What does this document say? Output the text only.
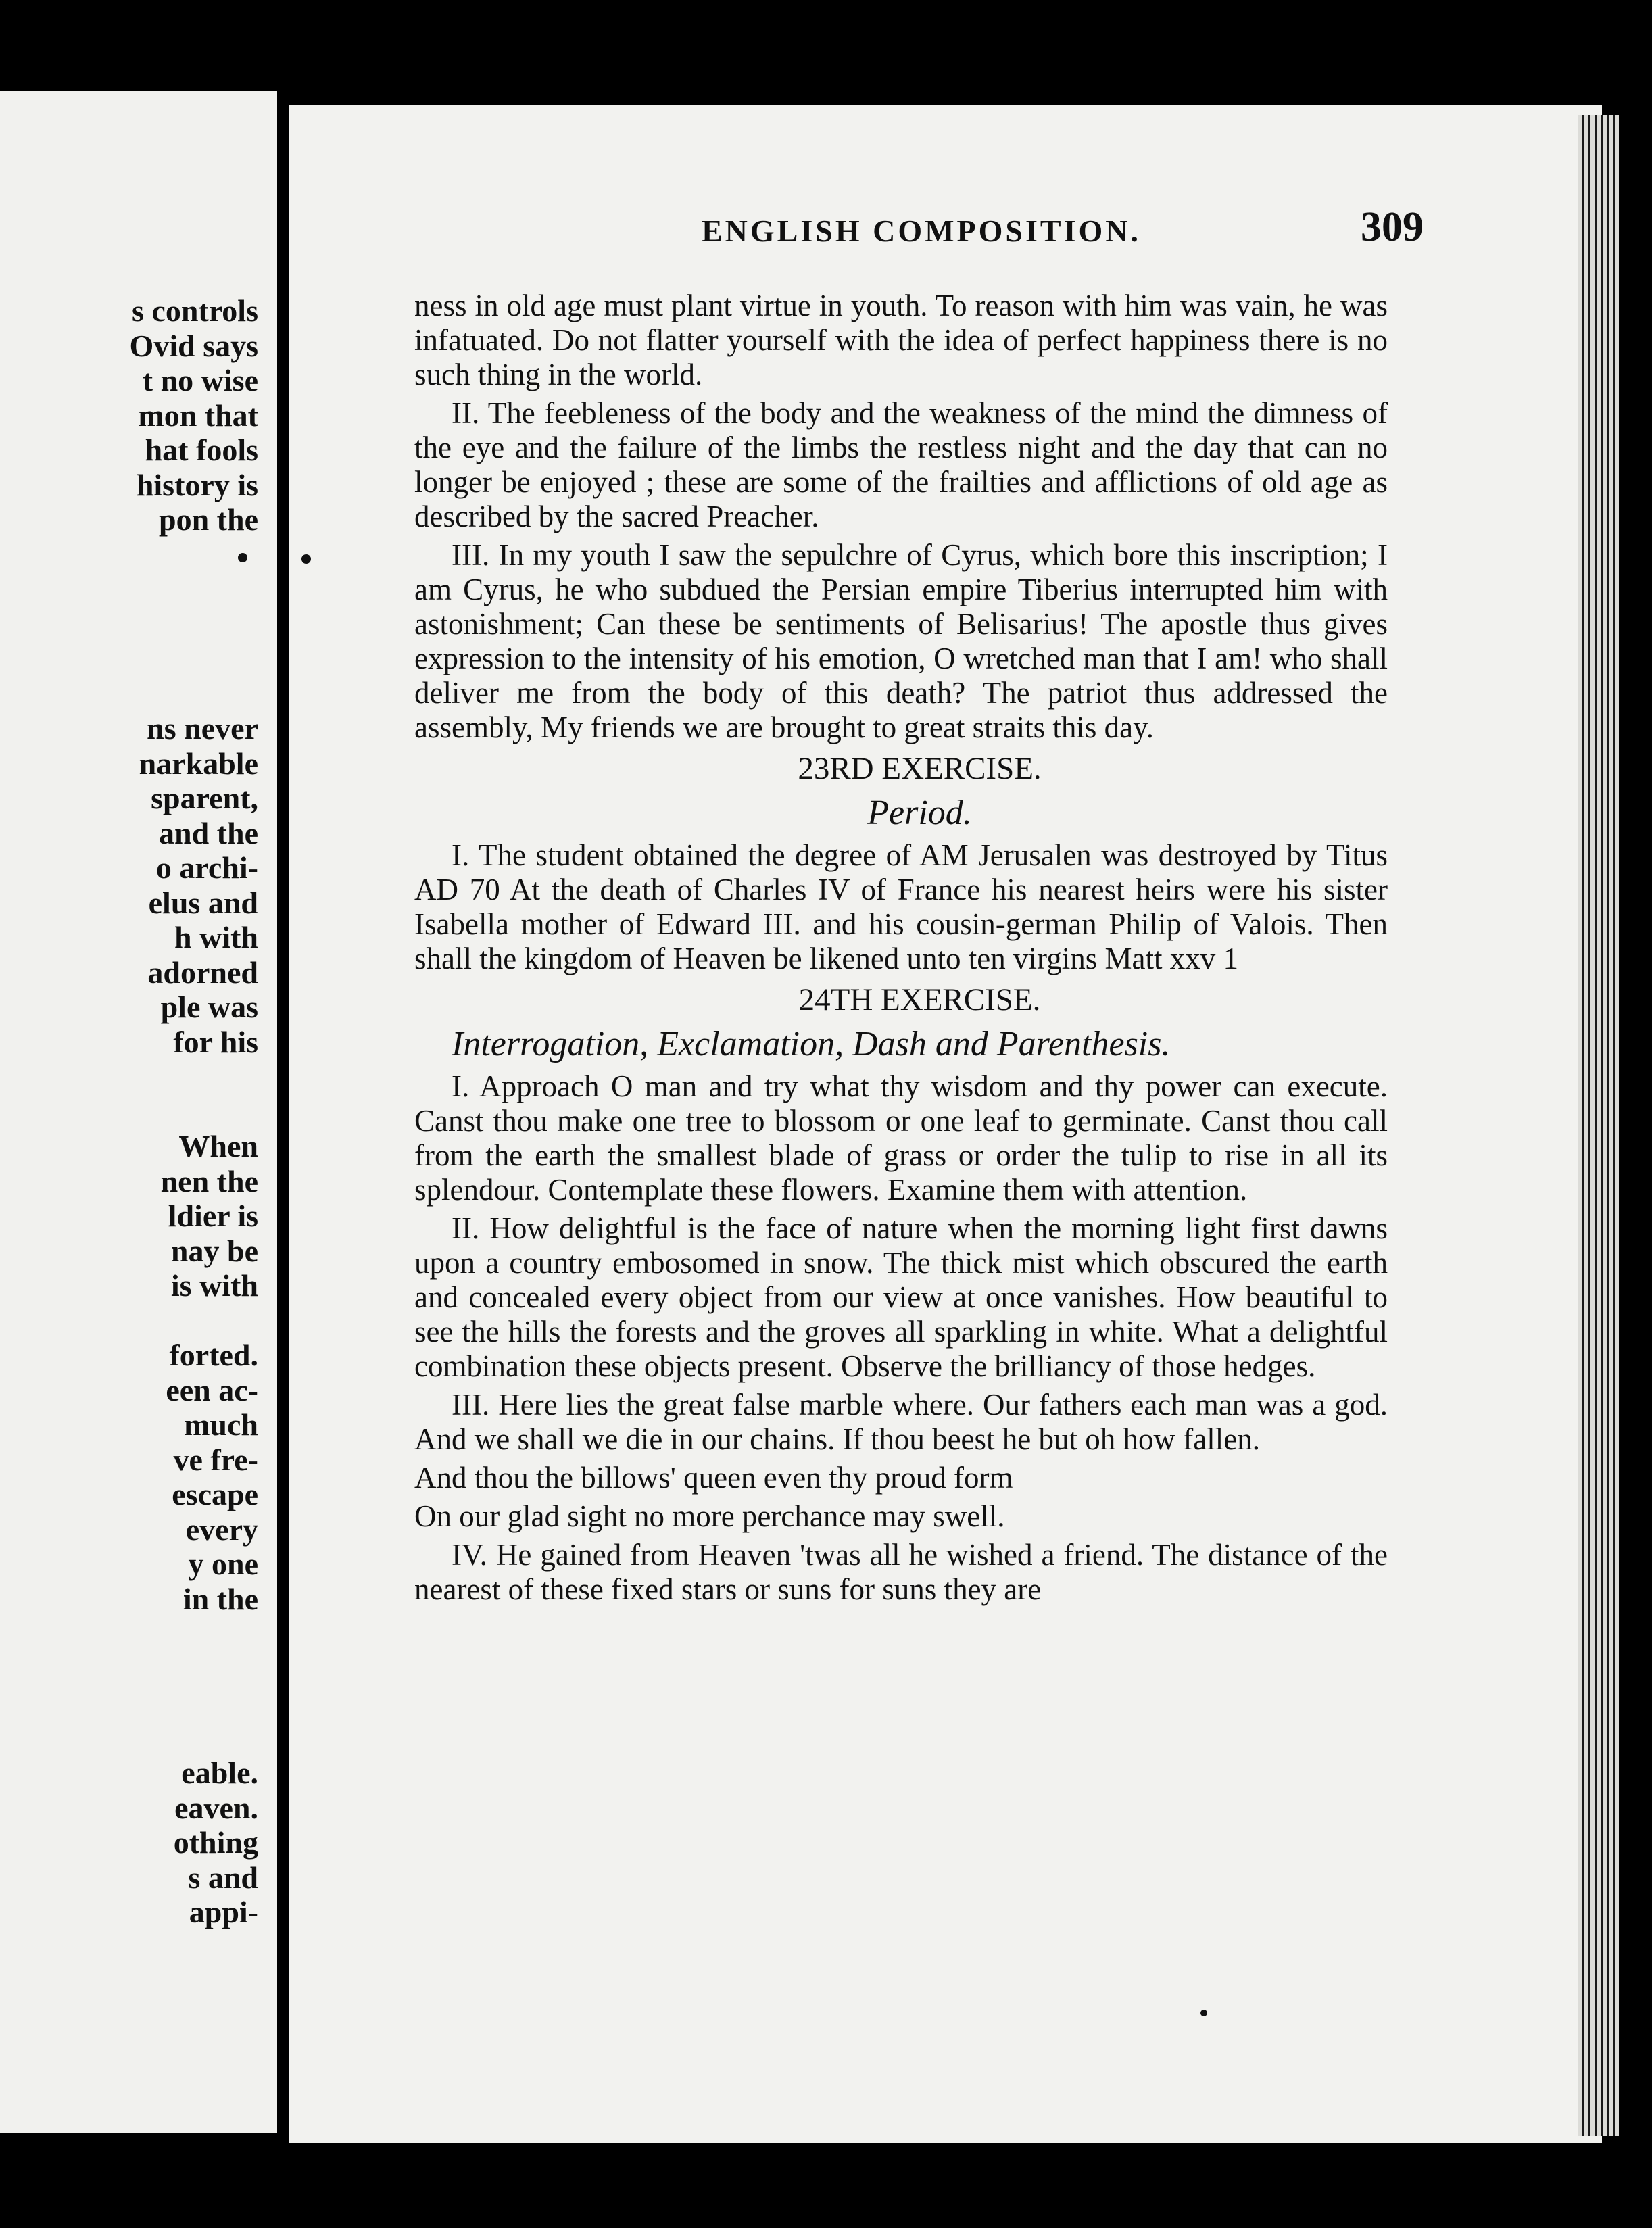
s controls
Ovid says
t no wise
mon that
hat fools
history is
pon the
ns never
narkable
sparent,
and the
o archi-
elus and
h with
adorned
ple was
for his
When
nen the
ldier is
nay be
is with
forted.
een ac-
much
ve fre-
escape
every
y one
in the
eable.
eaven.
othing
s and
appi-
ENGLISH COMPOSITION.	309

ness in old age must plant virtue in youth. To reason with him was vain, he was infatuated. Do not flatter yourself with the idea of perfect happiness there is no such thing in the world.

II. The feebleness of the body and the weakness of the mind the dimness of the eye and the failure of the limbs the restless night and the day that can no longer be enjoyed ; these are some of the frailties and afflictions of old age as described by the sacred Preacher.

III. In my youth I saw the sepulchre of Cyrus, which bore this inscription; I am Cyrus, he who subdued the Persian empire Tiberius interrupted him with astonishment; Can these be sentiments of Belisarius! The apostle thus gives expression to the intensity of his emotion, O wretched man that I am! who shall deliver me from the body of this death? The patriot thus addressed the assembly, My friends we are brought to great straits this day.

23RD EXERCISE.

Period.

I. The student obtained the degree of AM Jerusalen was destroyed by Titus AD 70 At the death of Charles IV of France his nearest heirs were his sister Isabella mother of Edward III. and his cousin-german Philip of Valois. Then shall the kingdom of Heaven be likened unto ten virgins Matt xxv 1

24TH EXERCISE.

Interrogation, Exclamation, Dash and Parenthesis.

I. Approach O man and try what thy wisdom and thy power can execute. Canst thou make one tree to blossom or one leaf to germinate. Canst thou call from the earth the smallest blade of grass or order the tulip to rise in all its splendour. Contemplate these flowers. Examine them with attention.

II. How delightful is the face of nature when the morning light first dawns upon a country embosomed in snow. The thick mist which obscured the earth and concealed every object from our view at once vanishes. How beautiful to see the hills the forests and the groves all sparkling in white. What a delightful combination these objects present. Observe the brilliancy of those hedges.

III. Here lies the great false marble where. Our fathers each man was a god. And we shall we die in our chains. If thou beest he but oh how fallen.

And thou the billows' queen even thy proud form

On our glad sight no more perchance may swell.

IV. He gained from Heaven 'twas all he wished a friend. The distance of the nearest of these fixed stars or suns for suns they are
